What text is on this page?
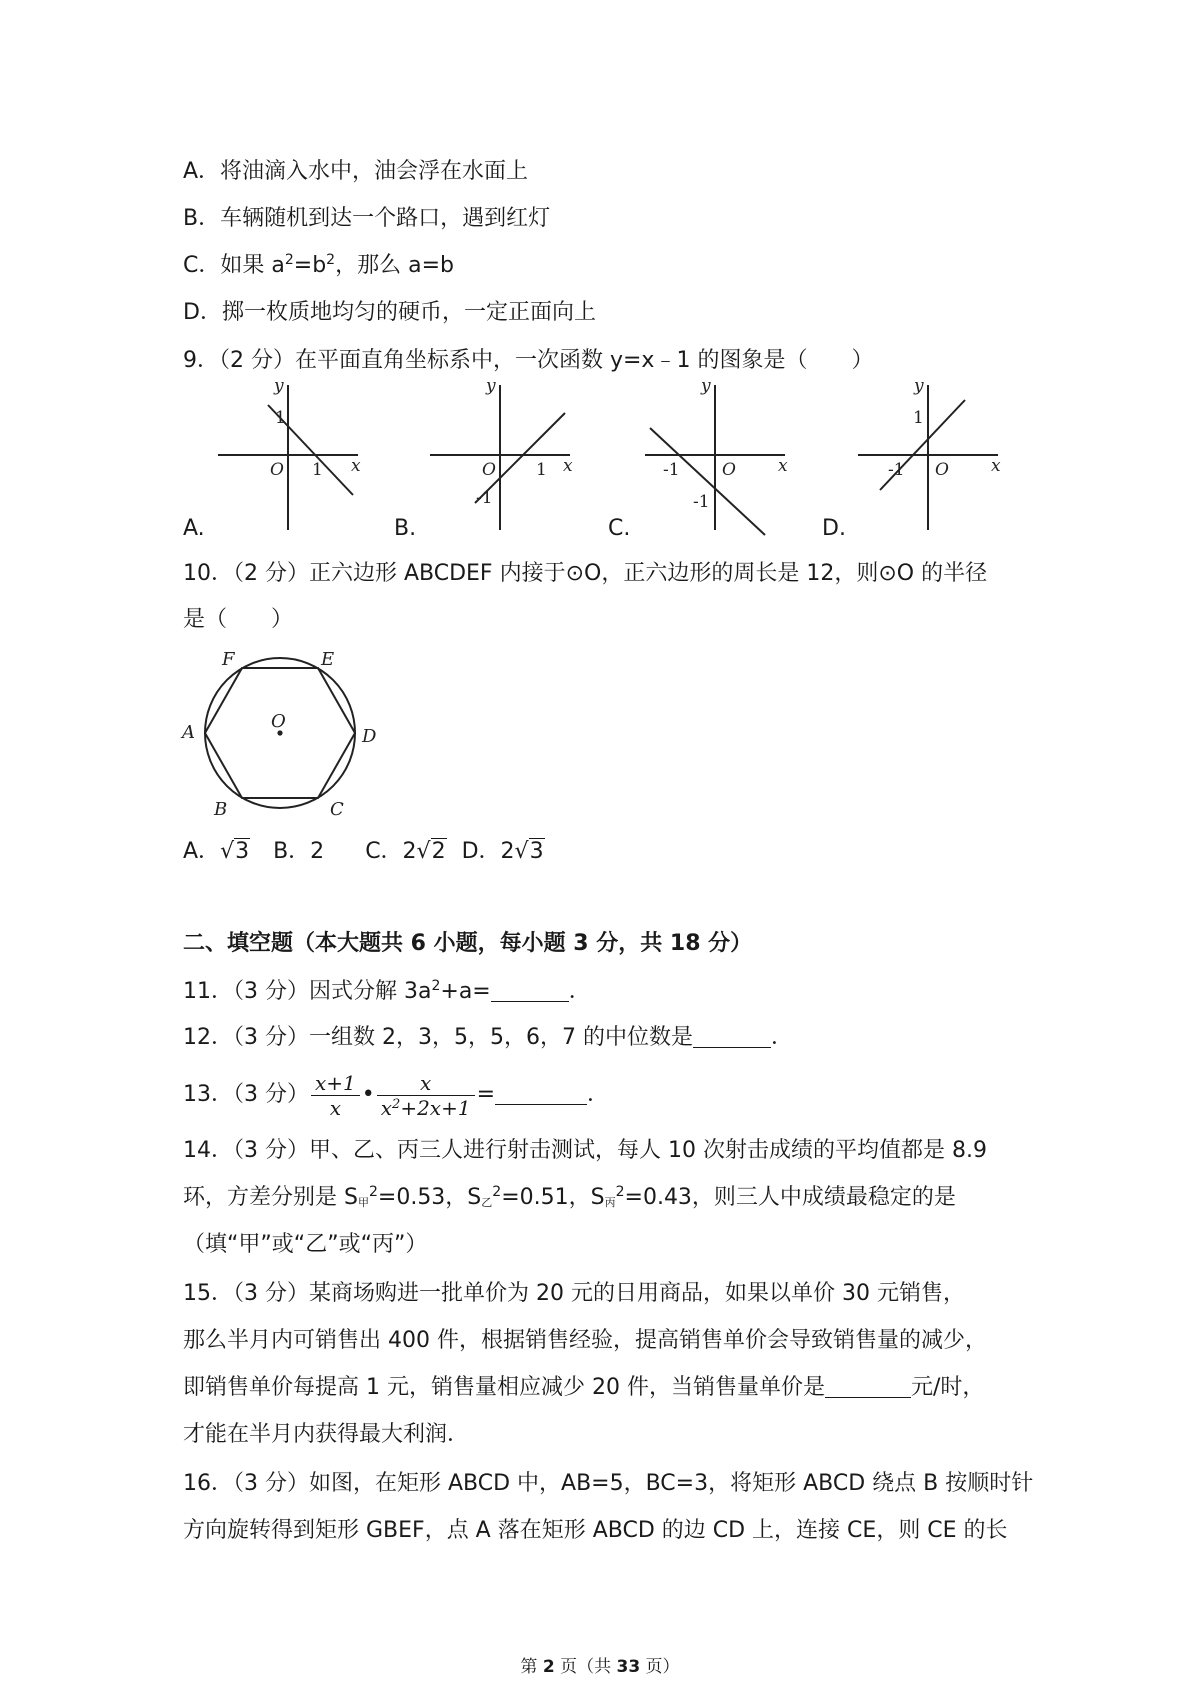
A．将油滴入水中，油会浮在水面上
B．车辆随机到达一个路口，遇到红灯
C．如果 $a^2=b^2$，那么 a=b
D．掷一枚质地均匀的硬币，一定正面向上
9．（2 分）在平面直角坐标系中，一次函数 y=x﹣1 的图象是（　　）
y
x
O
1
1
y
x
O 1
-1
y
x
O
-1
-1
y
x
O
-1
1
A.	B.	C.	D.
10．（2 分）正六边形 ABCDEF 内接于⊙O，正六边形的周长是 12，则⊙O 的半径
是（　　）
F	E
A	D
O
B	C
A．√3 B．2 C．2√2 D．2√3
二、填空题（本大题共 6 小题，每小题 3 分，共 18 分）
11．（3 分）因式分解 $3a^2+a=$	．
12．（3 分）一组数 2，3，5，5，6，7 的中位数是	．
13．（3 分） $\frac{x+1}{x}$ • $\frac{x}{x^2+2x+1}$ =	．
14．（3 分）甲、乙、丙三人进行射击测试，每人 10 次射击成绩的平均值都是 8.9
环，方差分别是 $S_甲^2=0.53$，$S_乙^2=0.51$，$S_丙^2=0.43$，则三人中成绩最稳定的是
（填“甲”或“乙”或“丙”）
15．（3 分）某商场购进一批单价为 20 元的日用商品，如果以单价 30 元销售，
那么半月内可销售出 400 件，根据销售经验，提高销售单价会导致销售量的减少，
即销售单价每提高 1 元，销售量相应减少 20 件，当销售量单价是	元/时，
才能在半月内获得最大利润．
16．（3 分）如图，在矩形 ABCD 中，AB=5，BC=3，将矩形 ABCD 绕点 B 按顺时针
方向旋转得到矩形 GBEF，点 A 落在矩形 ABCD 的边 CD 上，连接 CE，则 CE 的长
第 2 页（共 33 页）
